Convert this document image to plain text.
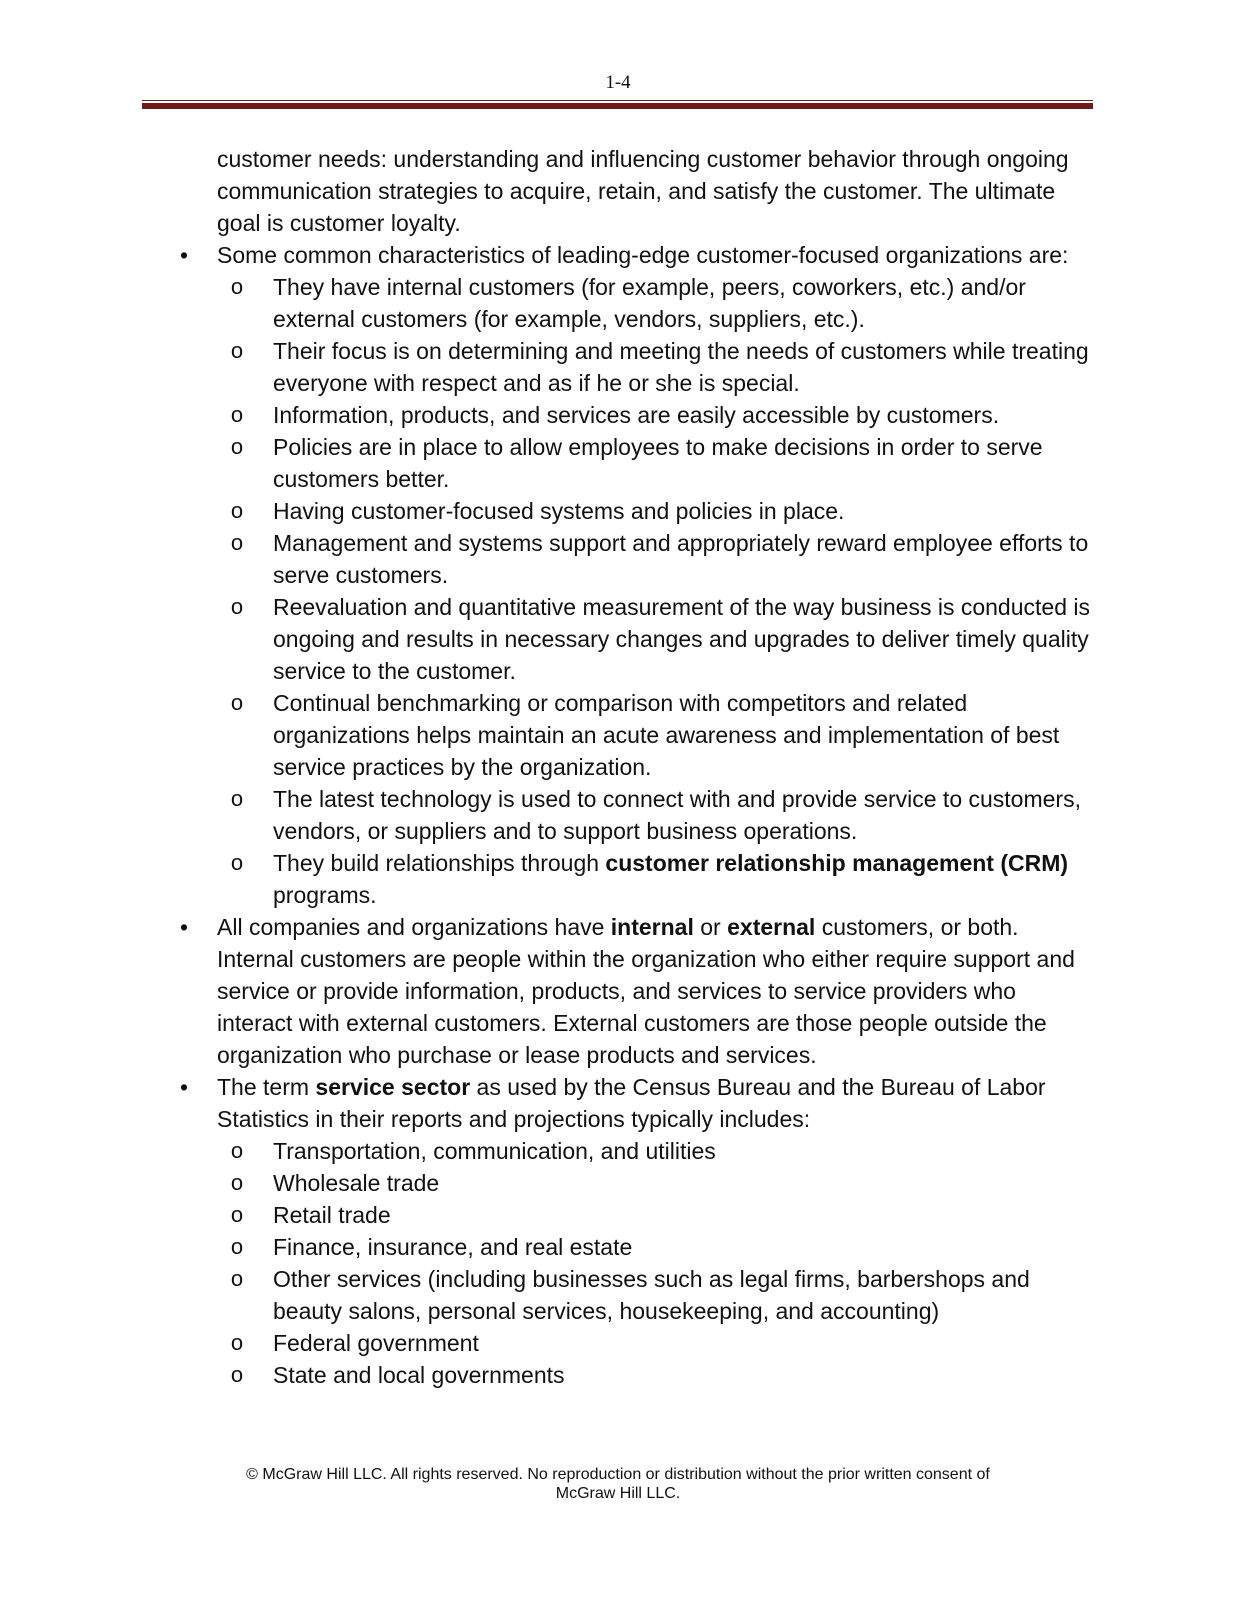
1-4

customer needs: understanding and influencing customer behavior through ongoing communication strategies to acquire, retain, and satisfy the customer. The ultimate goal is customer loyalty.

• Some common characteristics of leading-edge customer-focused organizations are:
o They have internal customers (for example, peers, coworkers, etc.) and/or external customers (for example, vendors, suppliers, etc.).
o Their focus is on determining and meeting the needs of customers while treating everyone with respect and as if he or she is special.
o Information, products, and services are easily accessible by customers.
o Policies are in place to allow employees to make decisions in order to serve customers better.
o Having customer-focused systems and policies in place.
o Management and systems support and appropriately reward employee efforts to serve customers.
o Reevaluation and quantitative measurement of the way business is conducted is ongoing and results in necessary changes and upgrades to deliver timely quality service to the customer.
o Continual benchmarking or comparison with competitors and related organizations helps maintain an acute awareness and implementation of best service practices by the organization.
o The latest technology is used to connect with and provide service to customers, vendors, or suppliers and to support business operations.
o They build relationships through customer relationship management (CRM) programs.
• All companies and organizations have internal or external customers, or both. Internal customers are people within the organization who either require support and service or provide information, products, and services to service providers who interact with external customers. External customers are those people outside the organization who purchase or lease products and services.
• The term service sector as used by the Census Bureau and the Bureau of Labor Statistics in their reports and projections typically includes:
o Transportation, communication, and utilities
o Wholesale trade
o Retail trade
o Finance, insurance, and real estate
o Other services (including businesses such as legal firms, barbershops and beauty salons, personal services, housekeeping, and accounting)
o Federal government
o State and local governments
© McGraw Hill LLC. All rights reserved. No reproduction or distribution without the prior written consent of
McGraw Hill LLC.
